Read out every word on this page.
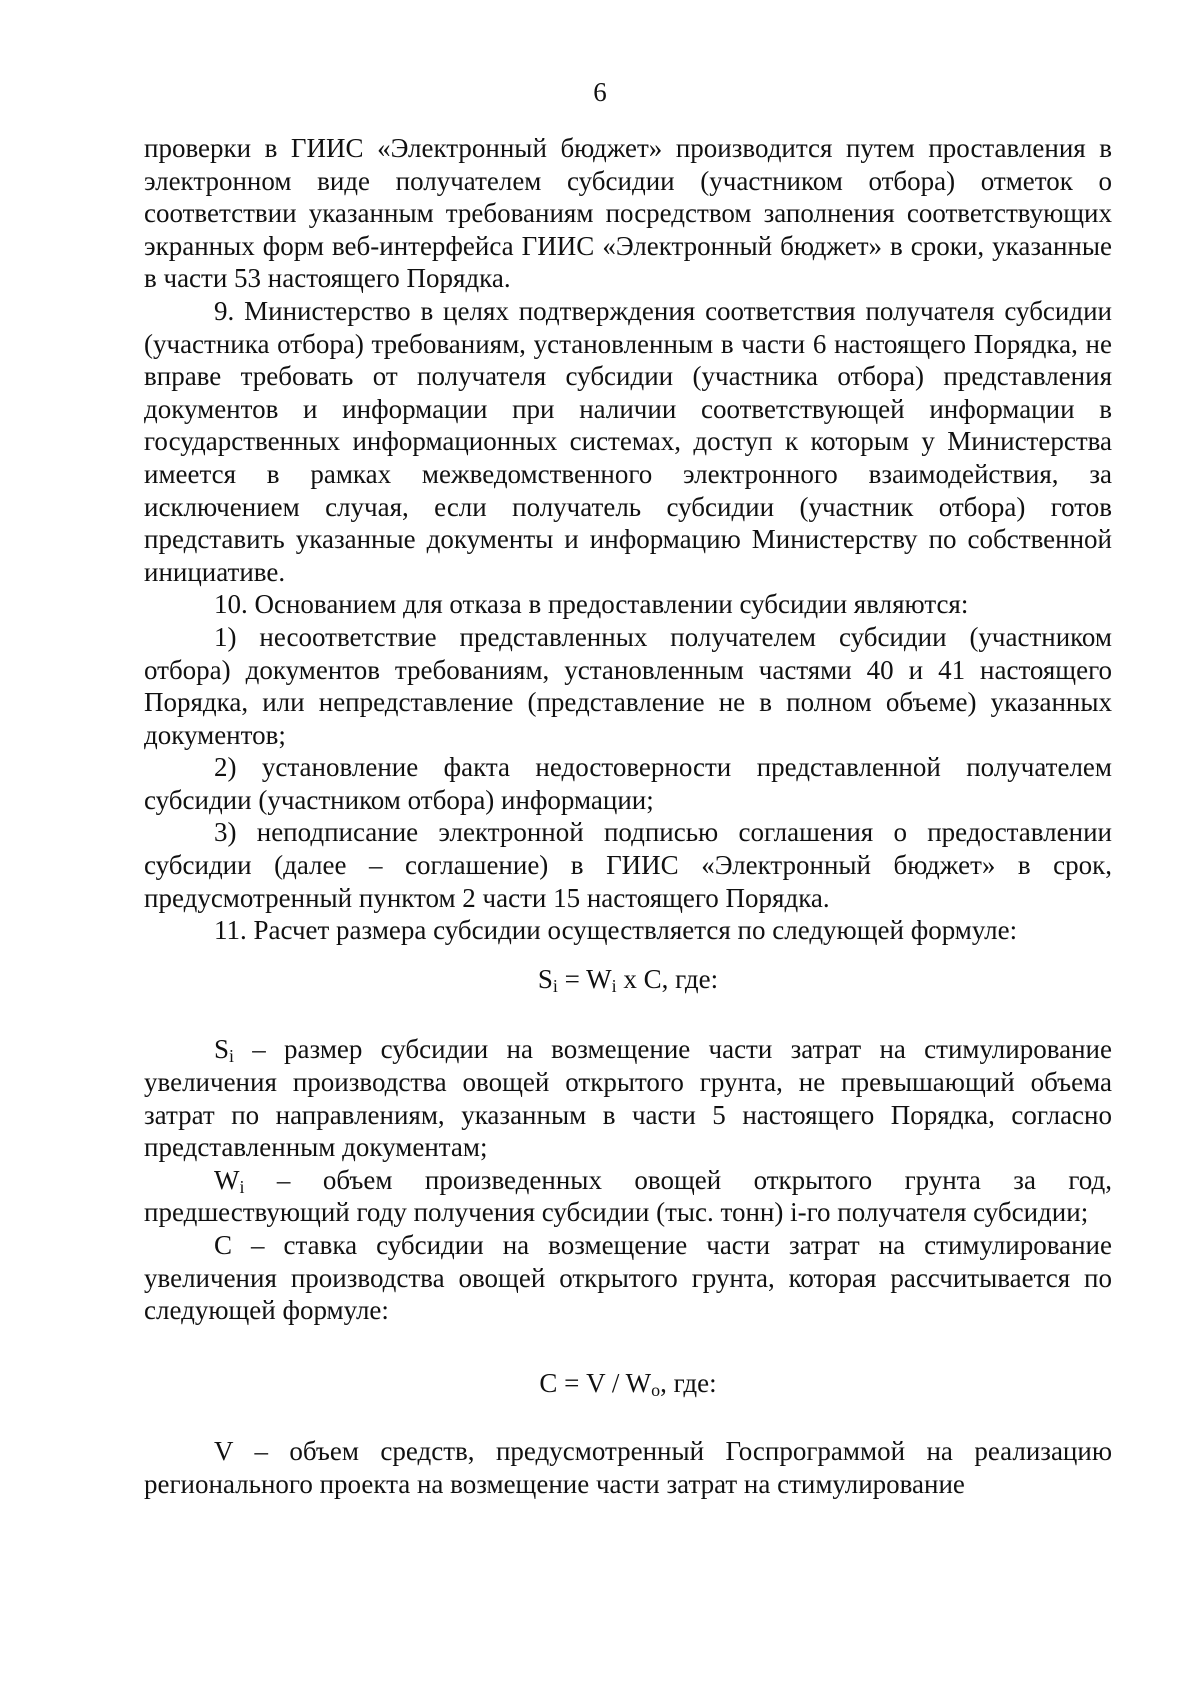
6

проверки в ГИИС «Электронный бюджет» производится путем проставления в электронном виде получателем субсидии (участником отбора) отметок о соответствии указанным требованиям посредством заполнения соответствующих экранных форм веб-интерфейса ГИИС «Электронный бюджет» в сроки, указанные в части 53 настоящего Порядка.

9. Министерство в целях подтверждения соответствия получателя субсидии (участника отбора) требованиям, установленным в части 6 настоящего Порядка, не вправе требовать от получателя субсидии (участника отбора) представления документов и информации при наличии соответствующей информации в государственных информационных системах, доступ к которым у Министерства имеется в рамках межведомственного электронного взаимодействия, за исключением случая, если получатель субсидии (участник отбора) готов представить указанные документы и информацию Министерству по собственной инициативе.

10. Основанием для отказа в предоставлении субсидии являются:

1) несоответствие представленных получателем субсидии (участником отбора) документов требованиям, установленным частями 40 и 41 настоящего Порядка, или непредставление (представление не в полном объеме) указанных документов;

2) установление факта недостоверности представленной получателем субсидии (участником отбора) информации;

3) неподписание электронной подписью соглашения о предоставлении субсидии (далее – соглашение) в ГИИС «Электронный бюджет» в срок, предусмотренный пунктом 2 части 15 настоящего Порядка.

11. Расчет размера субсидии осуществляется по следующей формуле:

$S_i = W_i$ х С, где:

$S_i$ – размер субсидии на возмещение части затрат на стимулирование увеличения производства овощей открытого грунта, не превышающий объема затрат по направлениям, указанным в части 5 настоящего Порядка, согласно представленным документам;

$W_i$ – объем произведенных овощей открытого грунта за год, предшествующий году получения субсидии (тыс. тонн) i-го получателя субсидии;

С – ставка субсидии на возмещение части затрат на стимулирование увеличения производства овощей открытого грунта, которая рассчитывается по следующей формуле:

$С = V / W_о$, где:

V – объем средств, предусмотренный Госпрограммой на реализацию регионального проекта на возмещение части затрат на стимулирование
